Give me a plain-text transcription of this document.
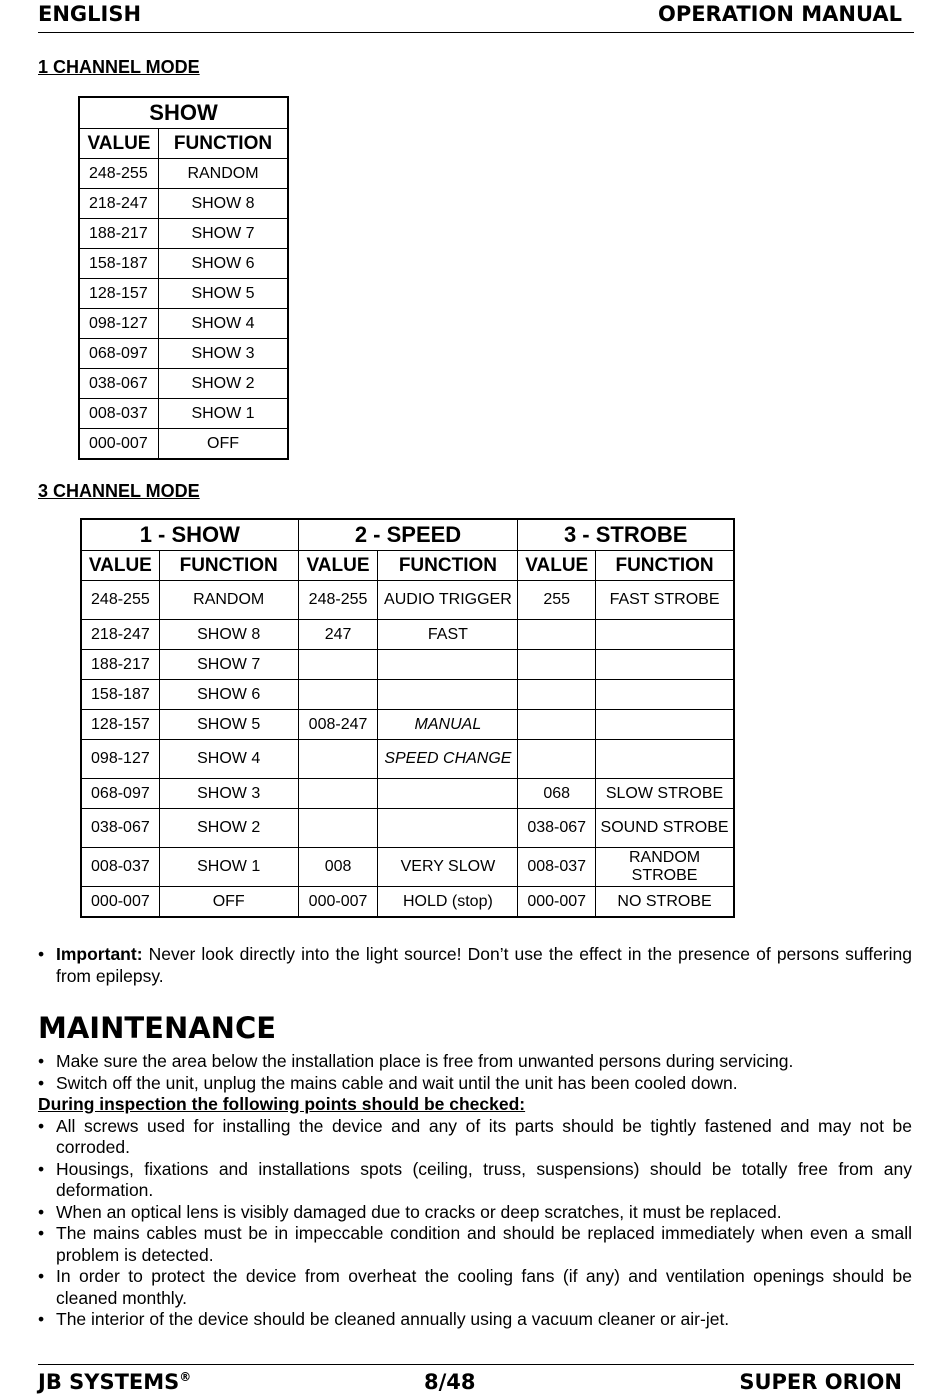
ENGLISH	OPERATION MANUAL
1 CHANNEL MODE
SHOW	
VALUE	FUNCTION
248-255	RANDOM
218-247	SHOW 8
188-217	SHOW 7
158-187	SHOW 6
128-157	SHOW 5
098-127	SHOW 4
068-097	SHOW 3
038-067	SHOW 2
008-037	SHOW 1
000-007	OFF
3 CHANNEL MODE
1 - SHOW		2 - SPEED		3 - STROBE	
VALUE	FUNCTION	VALUE	FUNCTION	VALUE	FUNCTION
248-255	RANDOM	248-255	AUDIO TRIGGER	255	FAST STROBE
218-247	SHOW 8	247	FAST		
188-217	SHOW 7				
158-187	SHOW 6				
128-157	SHOW 5	008-247	MANUAL		
098-127	SHOW 4		SPEED CHANGE		
068-097	SHOW 3			068	SLOW STROBE
038-067	SHOW 2			038-067	SOUND STROBE
008-037	SHOW 1	008	VERY SLOW	008-037	RANDOM STROBE
000-007	OFF	000-007	HOLD (stop)	000-007	NO STROBE
• Important: Never look directly into the light source! Don’t use the effect in the presence of persons suffering from epilepsy.
MAINTENANCE
• Make sure the area below the installation place is free from unwanted persons during servicing.
• Switch off the unit, unplug the mains cable and wait until the unit has been cooled down.
During inspection the following points should be checked:
• All screws used for installing the device and any of its parts should be tightly fastened and may not be corroded.
• Housings, fixations and installations spots (ceiling, truss, suspensions) should be totally free from any deformation.
• When an optical lens is visibly damaged due to cracks or deep scratches, it must be replaced.
• The mains cables must be in impeccable condition and should be replaced immediately when even a small problem is detected.
• In order to protect the device from overheat the cooling fans (if any) and ventilation openings should be cleaned monthly.
• The interior of the device should be cleaned annually using a vacuum cleaner or air-jet.
JB SYSTEMS®	8/48	SUPER ORION
